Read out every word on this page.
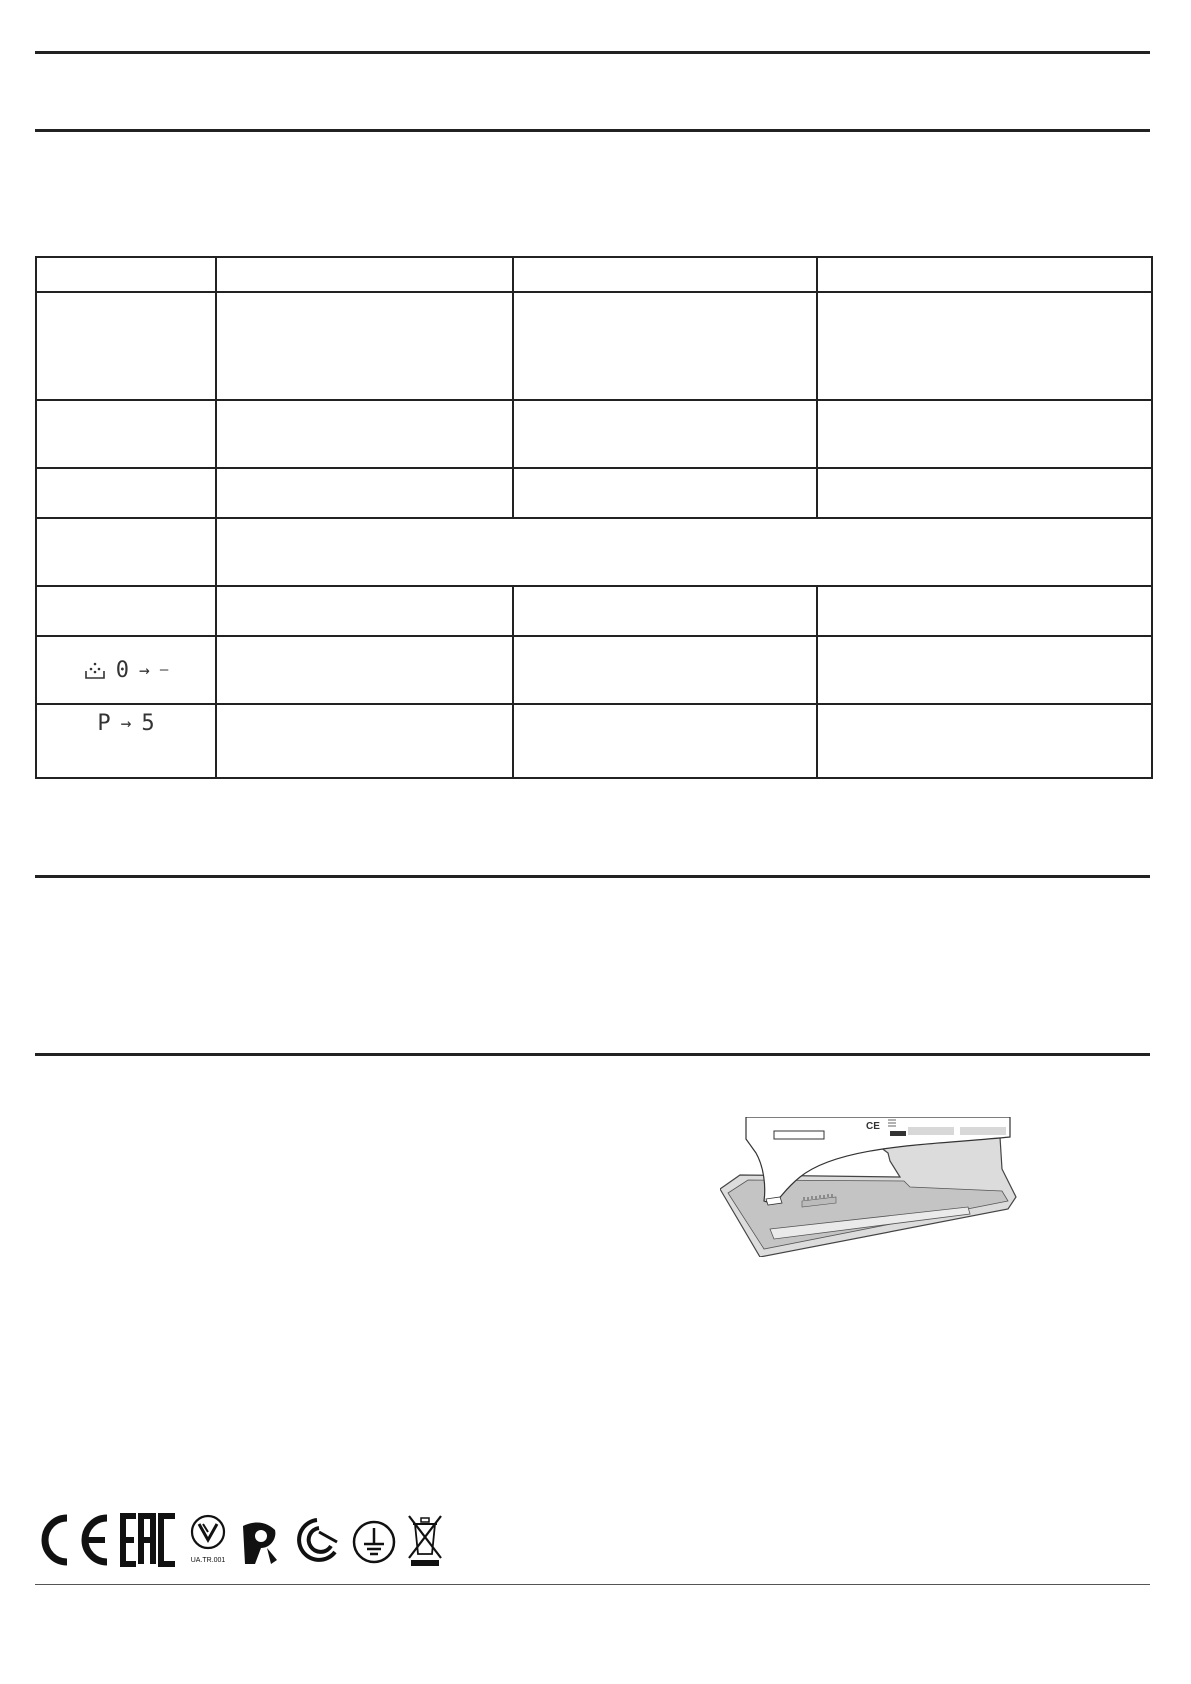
0 → –			

P → 5			

CE
UA.TR.001
